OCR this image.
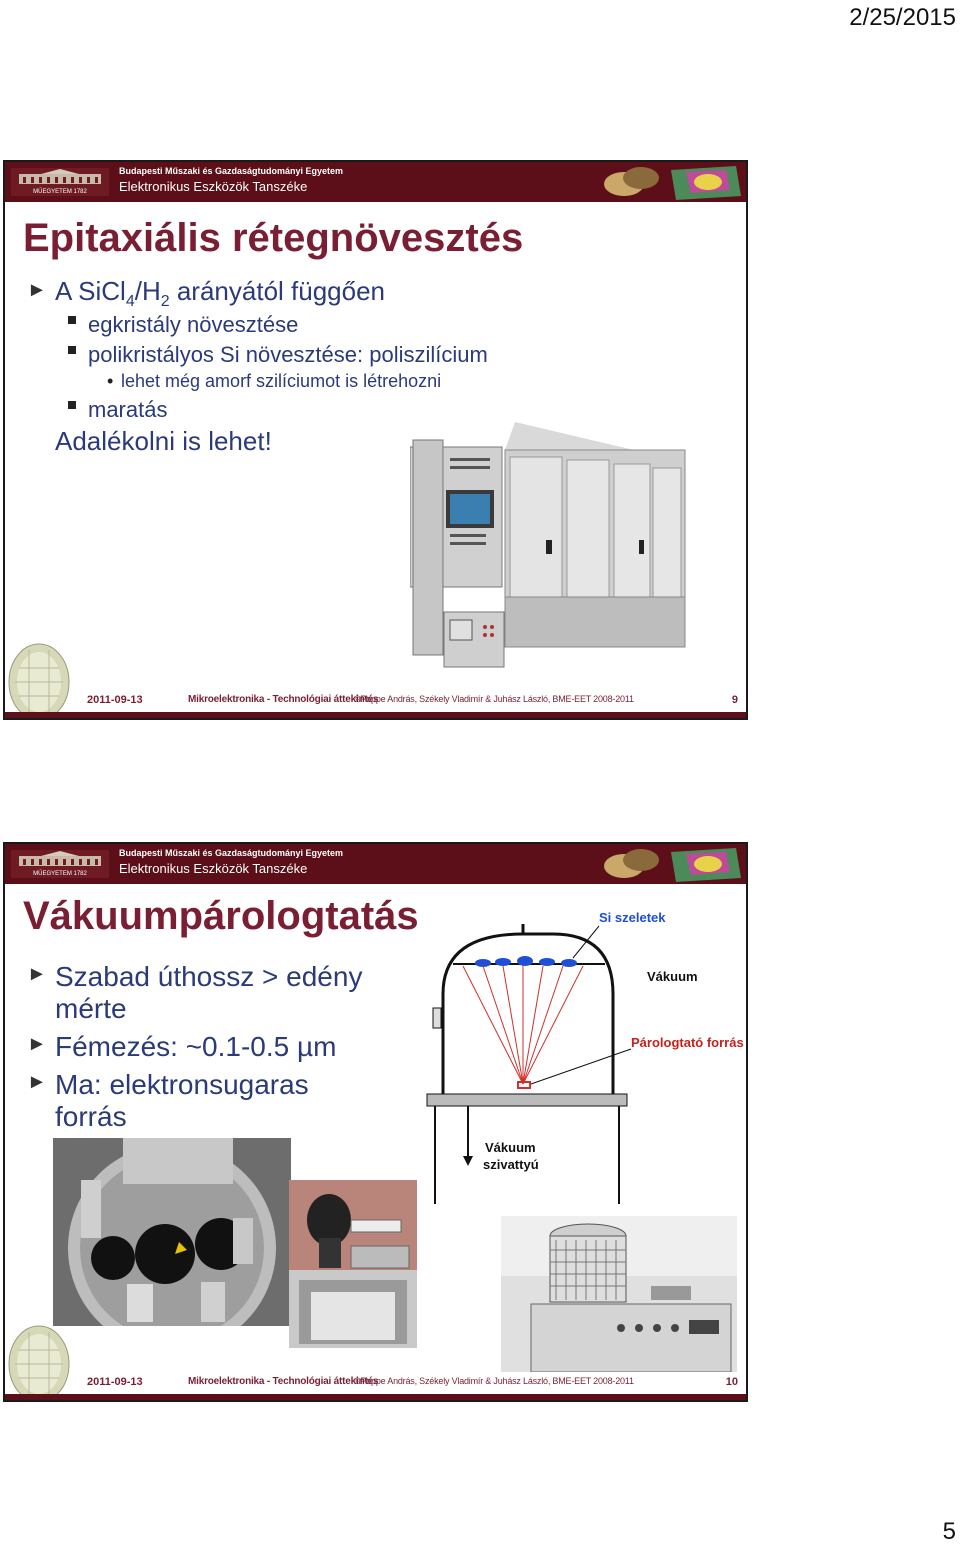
2/25/2015
MŰEGYETEM 1782
Budapesti Műszaki és Gazdaságtudományi Egyetem
Elektronikus Eszközök Tanszéke
Epitaxiális rétegnövesztés
► A $SiCl_4/H_2$ arányától függően
egkristály növesztése
polikristályos Si növesztése: poliszilícium
• lehet még amorf szilíciumot is létrehozni
maratás
Adalékolni is lehet!
2011-09-13	Mikroelektronika - Technológiai áttekintés
©Poppe András, Székely Vladimír & Juhász László, BME-EET 2008-2011	9
MŰEGYETEM 1782
Budapesti Műszaki és Gazdaságtudományi Egyetem
Elektronikus Eszközök Tanszéke
Vákuumpárologtatás
► Szabad úthossz > edény
mérte
► Fémezés: ~0.1-0.5 µm
► Ma: elektronsugaras
forrás
Si szeletek
Vákuum
Párologtató forrás
Vákuum
szivattyú
2011-09-13	Mikroelektronika - Technológiai áttekintés
©Poppe András, Székely Vladimír & Juhász László, BME-EET 2008-2011	10
5
